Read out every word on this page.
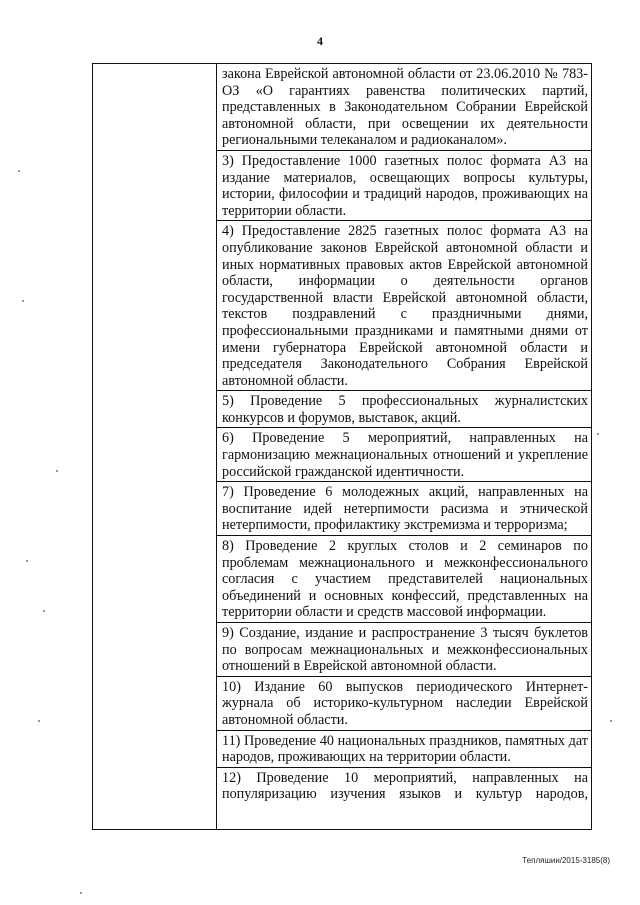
4
закона Еврейской автономной области от 23.06.2010 № 783-ОЗ «О гарантиях равенства политических партий, представленных в Законодательном Собрании Еврейской автономной области, при освещении их деятельности региональными телеканалом и радиоканалом».
3) Предоставление 1000 газетных полос формата А3 на издание материалов, освещающих вопросы культуры, истории, философии и традиций народов, проживающих на территории области.
4) Предоставление 2825 газетных полос формата А3 на опубликование законов Еврейской автономной области и иных нормативных правовых актов Еврейской автономной области, информации о деятельности органов государственной власти Еврейской автономной области, текстов поздравлений с праздничными днями, профессиональными праздниками и памятными днями от имени губернатора Еврейской автономной области и председателя Законодательного Собрания Еврейской автономной области.
5) Проведение 5 профессиональных журналистских конкурсов и форумов, выставок, акций.
6) Проведение 5 мероприятий, направленных на гармонизацию межнациональных отношений и укрепление российской гражданской идентичности.
7) Проведение 6 молодежных акций, направленных на воспитание идей нетерпимости расизма и этнической нетерпимости, профилактику экстремизма и терроризма;
8) Проведение 2 круглых столов и 2 семинаров по проблемам межнационального и межконфессионального согласия с участием представителей национальных объединений и основных конфессий, представленных на территории области и средств массовой информации.
9) Создание, издание и распространение 3 тысяч буклетов по вопросам межнациональных и межконфессиональных отношений в Еврейской автономной области.
10) Издание 60 выпусков периодического Интернет-журнала об историко-культурном наследии Еврейской автономной области.
11) Проведение 40 национальных праздников, памятных дат народов, проживающих на территории области.
12) Проведение 10 мероприятий, направленных на популяризацию изучения языков и культур народов,
Тепляшин/2015-3185(8)
